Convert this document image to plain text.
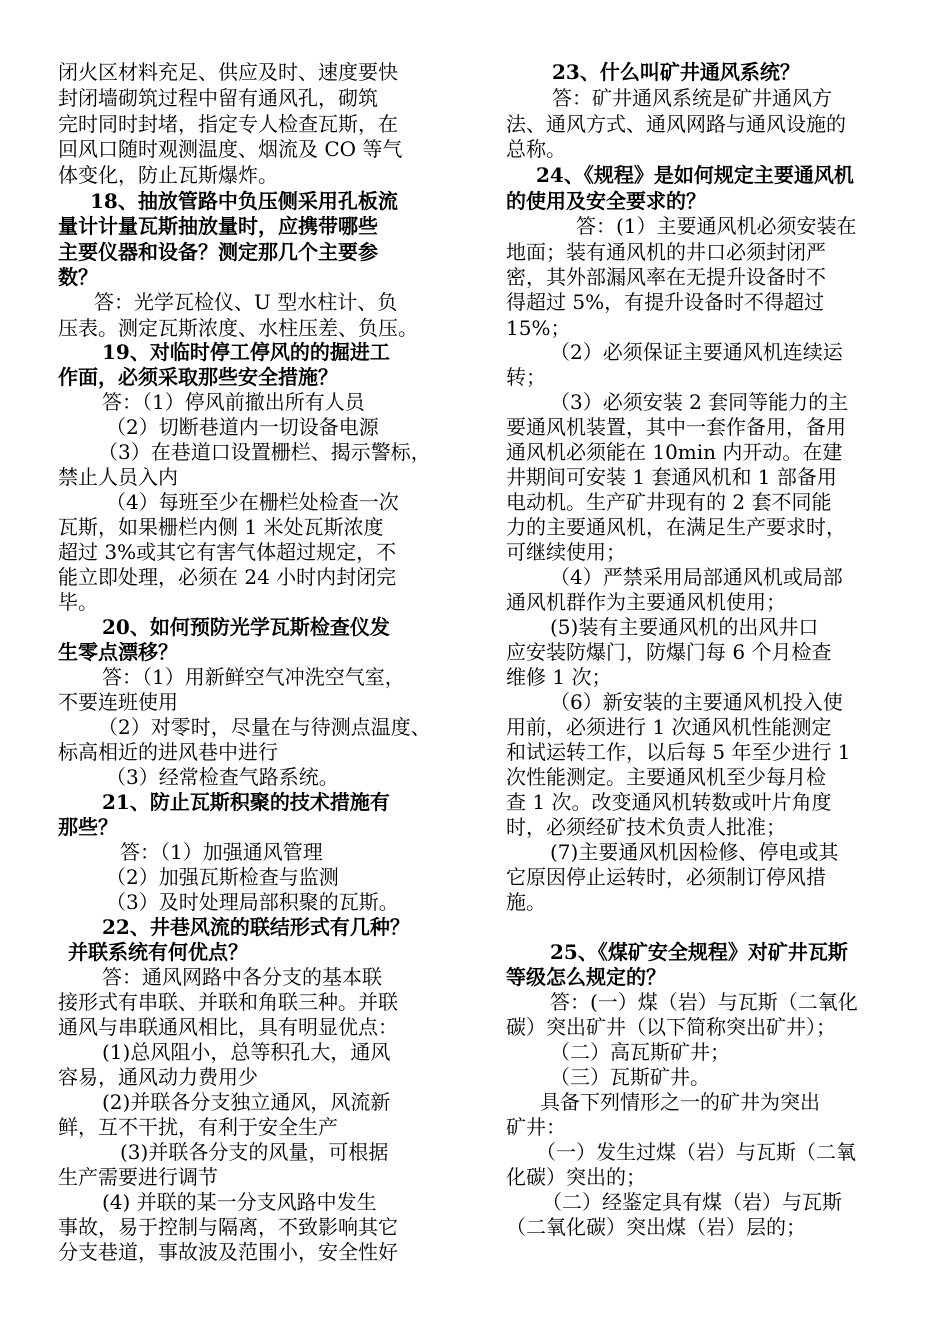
闭火区材料充足、供应及时、速度要快
封闭墙砌筑过程中留有通风孔，砌筑
完时同时封堵，指定专人检查瓦斯，在
回风口随时观测温度、烟流及 CO 等气
体变化，防止瓦斯爆炸。
18、抽放管路中负压侧采用孔板流
量计计量瓦斯抽放量时，应携带哪些
主要仪器和设备？测定那几个主要参
数？
答：光学瓦检仪、U 型水柱计、负
压表。测定瓦斯浓度、水柱压差、负压。
19、对临时停工停风的的掘进工
作面，必须采取那些安全措施？
答：（1）停风前撤出所有人员
（2）切断巷道内一切设备电源
（3）在巷道口设置栅栏、揭示警标，
禁止人员入内
（4）每班至少在栅栏处检查一次
瓦斯，如果栅栏内侧 1 米处瓦斯浓度
超过 3%或其它有害气体超过规定，不
能立即处理，必须在 24 小时内封闭完
毕。
20、如何预防光学瓦斯检查仪发
生零点漂移？
答：（1）用新鲜空气冲洗空气室，
不要连班使用
（2）对零时，尽量在与待测点温度、
标高相近的进风巷中进行
（3）经常检查气路系统。
21、防止瓦斯积聚的技术措施有
那些？
答：（1）加强通风管理
（2）加强瓦斯检查与监测
（3）及时处理局部积聚的瓦斯。
22、井巷风流的联结形式有几种？
并联系统有何优点？
答：通风网路中各分支的基本联
接形式有串联、并联和角联三种。并联
通风与串联通风相比，具有明显优点：
(1)总风阻小，总等积孔大，通风
容易，通风动力费用少
(2)并联各分支独立通风，风流新
鲜，互不干扰，有利于安全生产
(3)并联各分支的风量，可根据
生产需要进行调节
(4) 并联的某一分支风路中发生
事故，易于控制与隔离，不致影响其它
分支巷道，事故波及范围小，安全性好
23、什么叫矿井通风系统？
答：矿井通风系统是矿井通风方
法、通风方式、通风网路与通风设施的
总称。
24、《规程》是如何规定主要通风机
的使用及安全要求的？
答：(1）主要通风机必须安装在
地面；装有通风机的井口必须封闭严
密，其外部漏风率在无提升设备时不
得超过 5%，有提升设备时不得超过
15%；
（2）必须保证主要通风机连续运
转；
（3）必须安装 2 套同等能力的主
要通风机装置，其中一套作备用，备用
通风机必须能在 10min 内开动。在建
井期间可安装 1 套通风机和 1 部备用
电动机。生产矿井现有的 2 套不同能
力的主要通风机，在满足生产要求时，
可继续使用；
（4）严禁采用局部通风机或局部
通风机群作为主要通风机使用；
(5)装有主要通风机的出风井口
应安装防爆门，防爆门每 6 个月检查
维修 1 次；
（6）新安装的主要通风机投入使
用前，必须进行 1 次通风机性能测定
和试运转工作，以后每 5 年至少进行 1
次性能测定。主要通风机至少每月检
查 1 次。改变通风机转数或叶片角度
时，必须经矿技术负责人批准；
(7)主要通风机因检修、停电或其
它原因停止运转时，必须制订停风措
施。
25、《煤矿安全规程》对矿井瓦斯
等级怎么规定的？
答：(一）煤（岩）与瓦斯（二氧化
碳）突出矿井（以下简称突出矿井）；
（二）高瓦斯矿井；
（三）瓦斯矿井。
具备下列情形之一的矿井为突出
矿井：
（一）发生过煤（岩）与瓦斯（二氧
化碳）突出的；
（二）经鉴定具有煤（岩）与瓦斯
（二氧化碳）突出煤（岩）层的；
